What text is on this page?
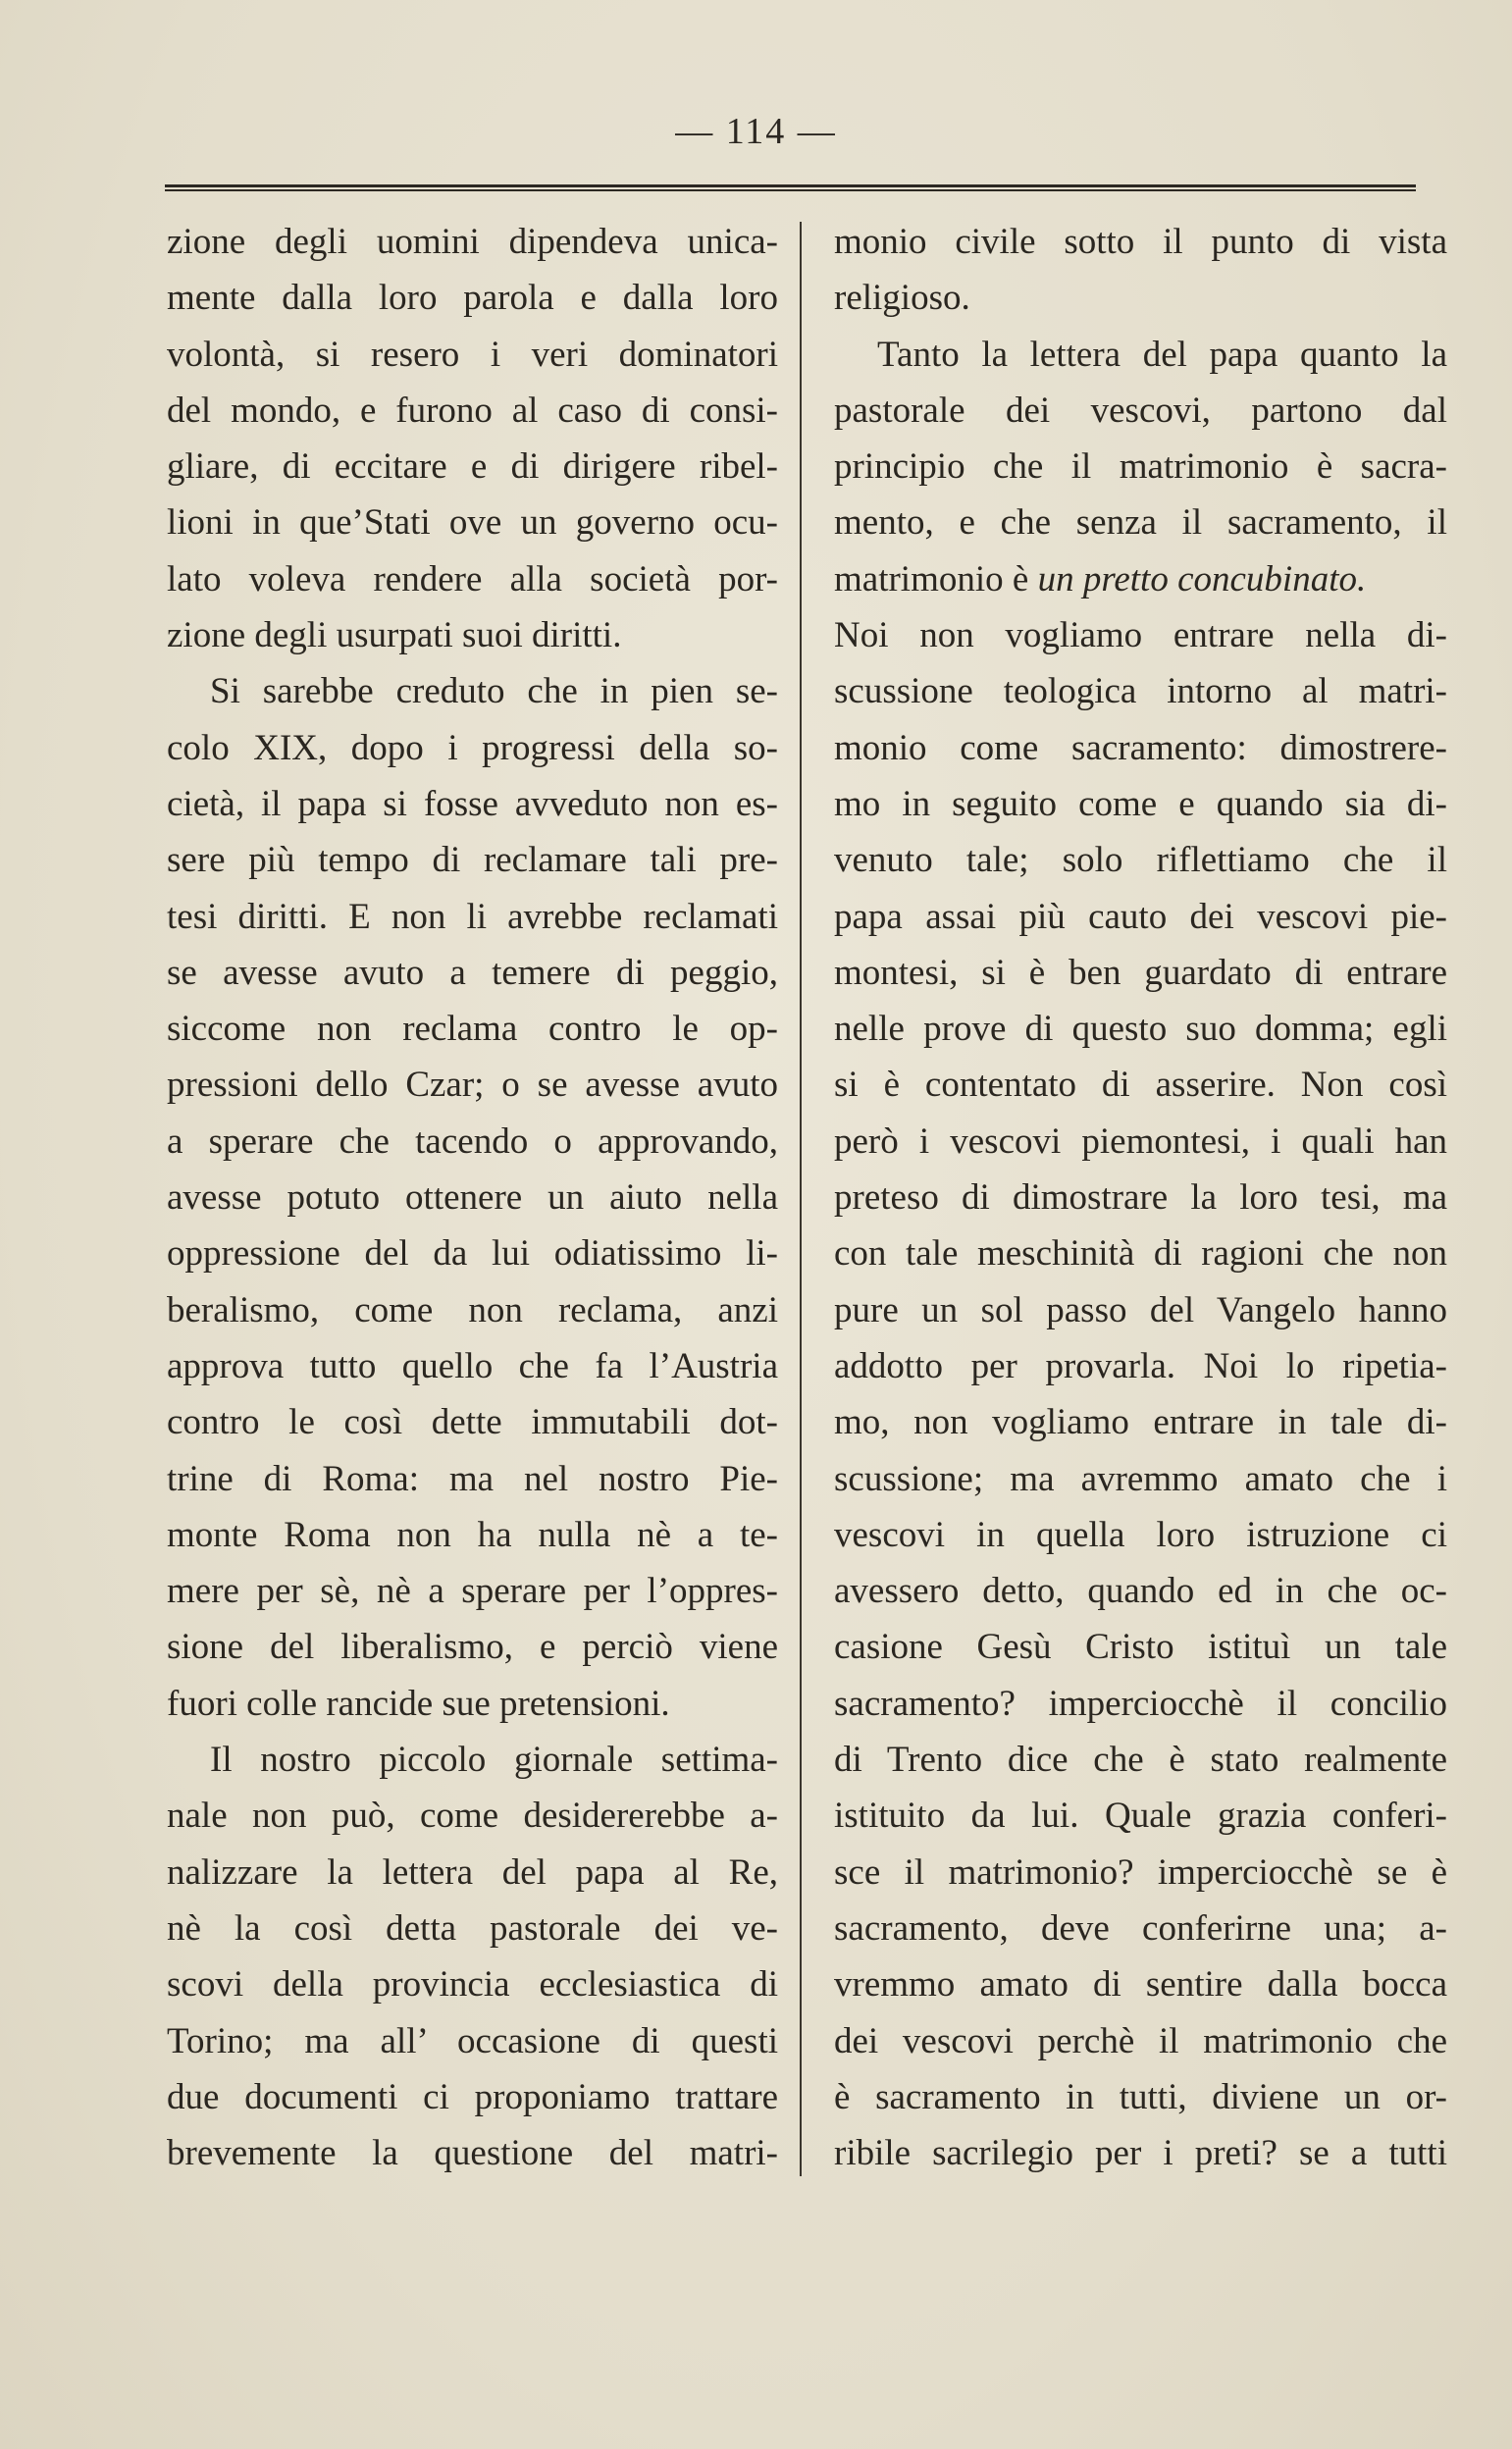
— 114 —
zione degli uomini dipendeva unica-
mente dalla loro parola e dalla loro
volontà, si resero i veri dominatori
del mondo, e furono al caso di consi-
gliare, di eccitare e di dirigere ribel-
lioni in que’Stati ove un governo ocu-
lato voleva rendere alla società por-
zione degli usurpati suoi diritti.
Si sarebbe creduto che in pien se-
colo XIX, dopo i progressi della so-
cietà, il papa si fosse avveduto non es-
sere più tempo di reclamare tali pre-
tesi diritti. E non li avrebbe reclamati
se avesse avuto a temere di peggio,
siccome non reclama contro le op-
pressioni dello Czar; o se avesse avuto
a sperare che tacendo o approvando,
avesse potuto ottenere un aiuto nella
oppressione del da lui odiatissimo li-
beralismo, come non reclama, anzi
approva tutto quello che fa l’Austria
contro le così dette immutabili dot-
trine di Roma: ma nel nostro Pie-
monte Roma non ha nulla nè a te-
mere per sè, nè a sperare per l’oppres-
sione del liberalismo, e perciò viene
fuori colle rancide sue pretensioni.
Il nostro piccolo giornale settima-
nale non può, come desidererebbe a-
nalizzare la lettera del papa al Re,
nè la così detta pastorale dei ve-
scovi della provincia ecclesiastica di
Torino; ma all’ occasione di questi
due documenti ci proponiamo trattare
brevemente la questione del matri-
monio civile sotto il punto di vista
religioso.
Tanto la lettera del papa quanto la
pastorale dei vescovi, partono dal
principio che il matrimonio è sacra-
mento, e che senza il sacramento, il
matrimonio è un pretto concubinato.
Noi non vogliamo entrare nella di-
scussione teologica intorno al matri-
monio come sacramento: dimostrere-
mo in seguito come e quando sia di-
venuto tale; solo riflettiamo che il
papa assai più cauto dei vescovi pie-
montesi, si è ben guardato di entrare
nelle prove di questo suo domma; egli
si è contentato di asserire. Non così
però i vescovi piemontesi, i quali han
preteso di dimostrare la loro tesi, ma
con tale meschinità di ragioni che non
pure un sol passo del Vangelo hanno
addotto per provarla. Noi lo ripetia-
mo, non vogliamo entrare in tale di-
scussione; ma avremmo amato che i
vescovi in quella loro istruzione ci
avessero detto, quando ed in che oc-
casione Gesù Cristo istituì un tale
sacramento? imperciocchè il concilio
di Trento dice che è stato realmente
istituito da lui. Quale grazia conferi-
sce il matrimonio? imperciocchè se è
sacramento, deve conferirne una; a-
vremmo amato di sentire dalla bocca
dei vescovi perchè il matrimonio che
è sacramento in tutti, diviene un or-
ribile sacrilegio per i preti? se a tutti
